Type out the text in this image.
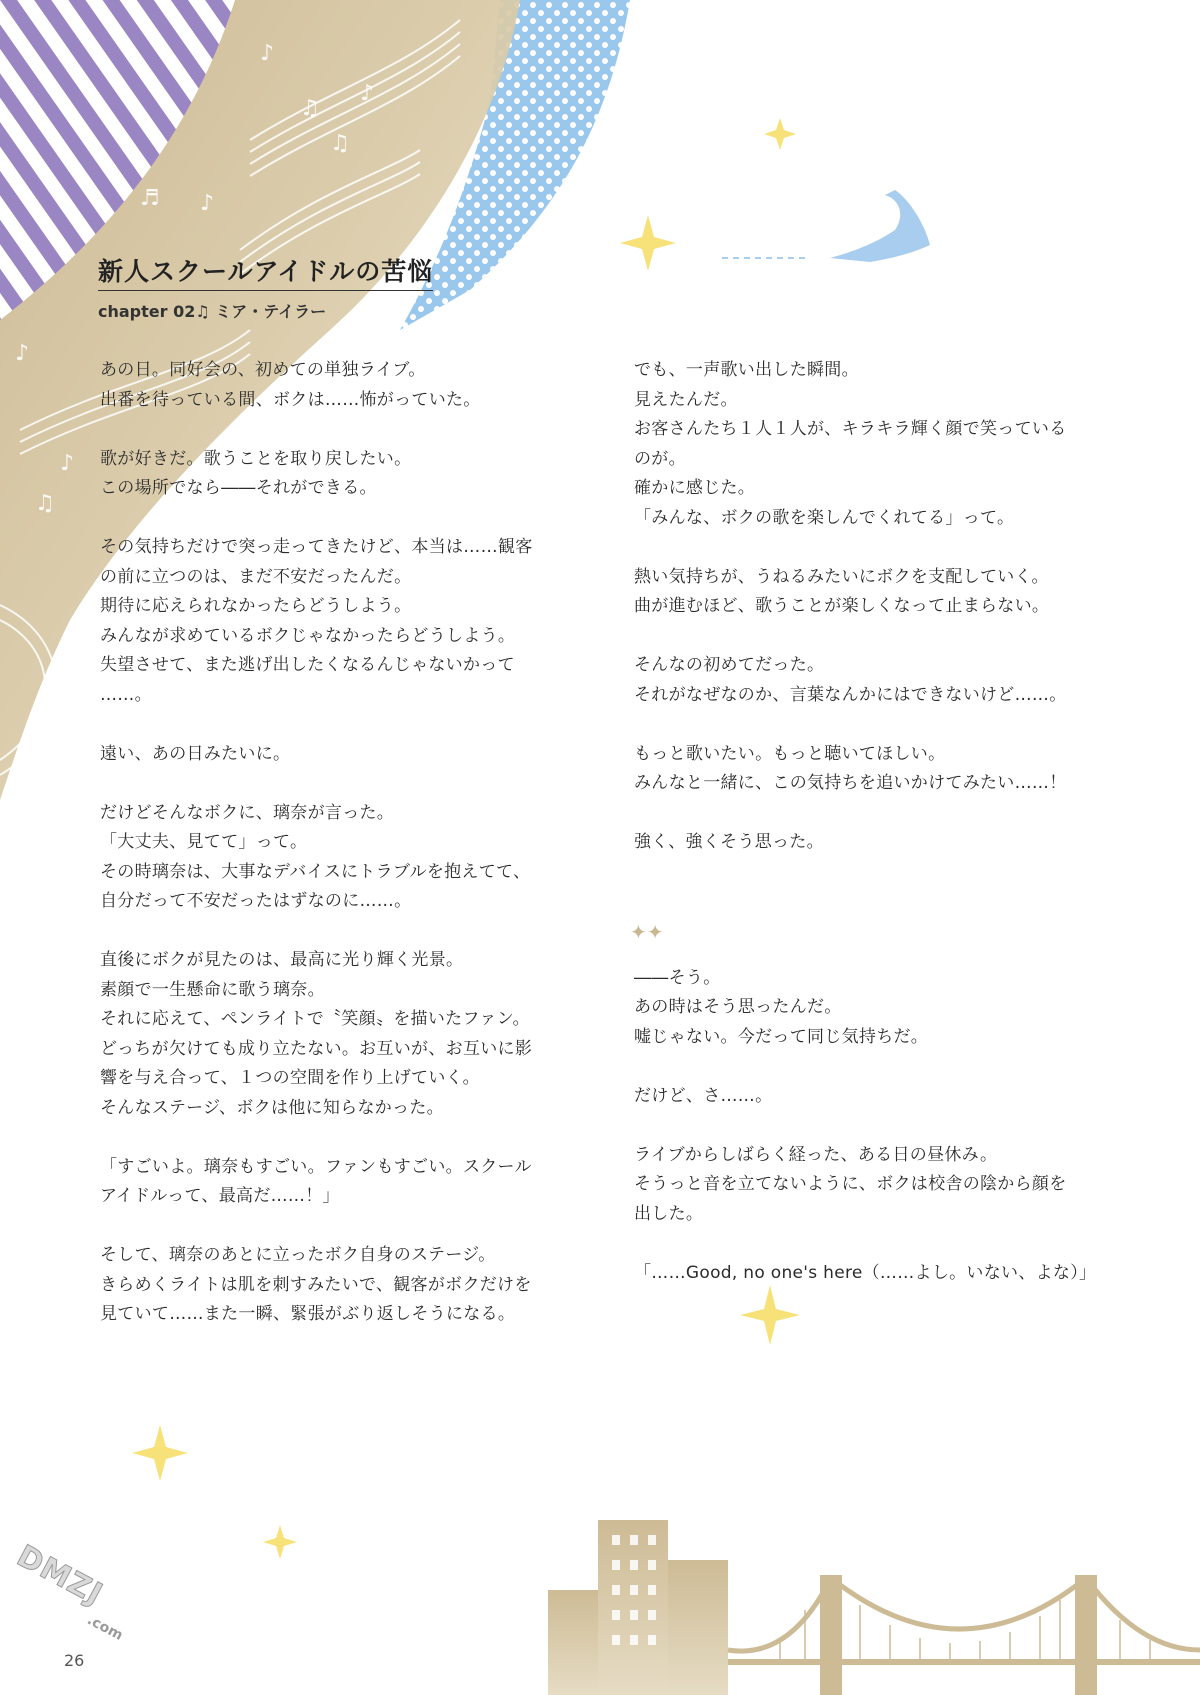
♪
♫
♪
♬
♪
♫
♪
♫
♪
新人スクールアイドルの苦悩
chapter 02♫ ミア・テイラー
あの日。同好会の、初めての単独ライブ。
出番を待っている間、ボクは……怖がっていた。
歌が好きだ。歌うことを取り戻したい。
この場所でなら――それができる。
その気持ちだけで突っ走ってきたけど、本当は……観客
の前に立つのは、まだ不安だったんだ。
期待に応えられなかったらどうしよう。
みんなが求めているボクじゃなかったらどうしよう。
失望させて、また逃げ出したくなるんじゃないかって
……。
遠い、あの日みたいに。
だけどそんなボクに、璃奈が言った。
「大丈夫、見てて」って。
その時璃奈は、大事なデバイスにトラブルを抱えてて、
自分だって不安だったはずなのに……。
直後にボクが見たのは、最高に光り輝く光景。
素顔で一生懸命に歌う璃奈。
それに応えて、ペンライトで〝笑顔〟を描いたファン。
どっちが欠けても成り立たない。お互いが、お互いに影
響を与え合って、１つの空間を作り上げていく。
そんなステージ、ボクは他に知らなかった。
「すごいよ。璃奈もすごい。ファンもすごい。スクール
アイドルって、最高だ……！」
そして、璃奈のあとに立ったボク自身のステージ。
きらめくライトは肌を刺すみたいで、観客がボクだけを
見ていて……また一瞬、緊張がぶり返しそうになる。
でも、一声歌い出した瞬間。
見えたんだ。
お客さんたち１人１人が、キラキラ輝く顔で笑っている
のが。
確かに感じた。
「みんな、ボクの歌を楽しんでくれてる」って。
熱い気持ちが、うねるみたいにボクを支配していく。
曲が進むほど、歌うことが楽しくなって止まらない。
そんなの初めてだった。
それがなぜなのか、言葉なんかにはできないけど……。
もっと歌いたい。もっと聴いてほしい。
みんなと一緒に、この気持ちを追いかけてみたい……！
強く、強くそう思った。
――そう。
あの時はそう思ったんだ。
嘘じゃない。今だって同じ気持ちだ。
だけど、さ……。
ライブからしばらく経った、ある日の昼休み。
そうっと音を立てないように、ボクは校舎の陰から顔を
出した。
「……Good, no one's here（……よし。いない、よな）」
✦✦
DMZJ
.com
26
